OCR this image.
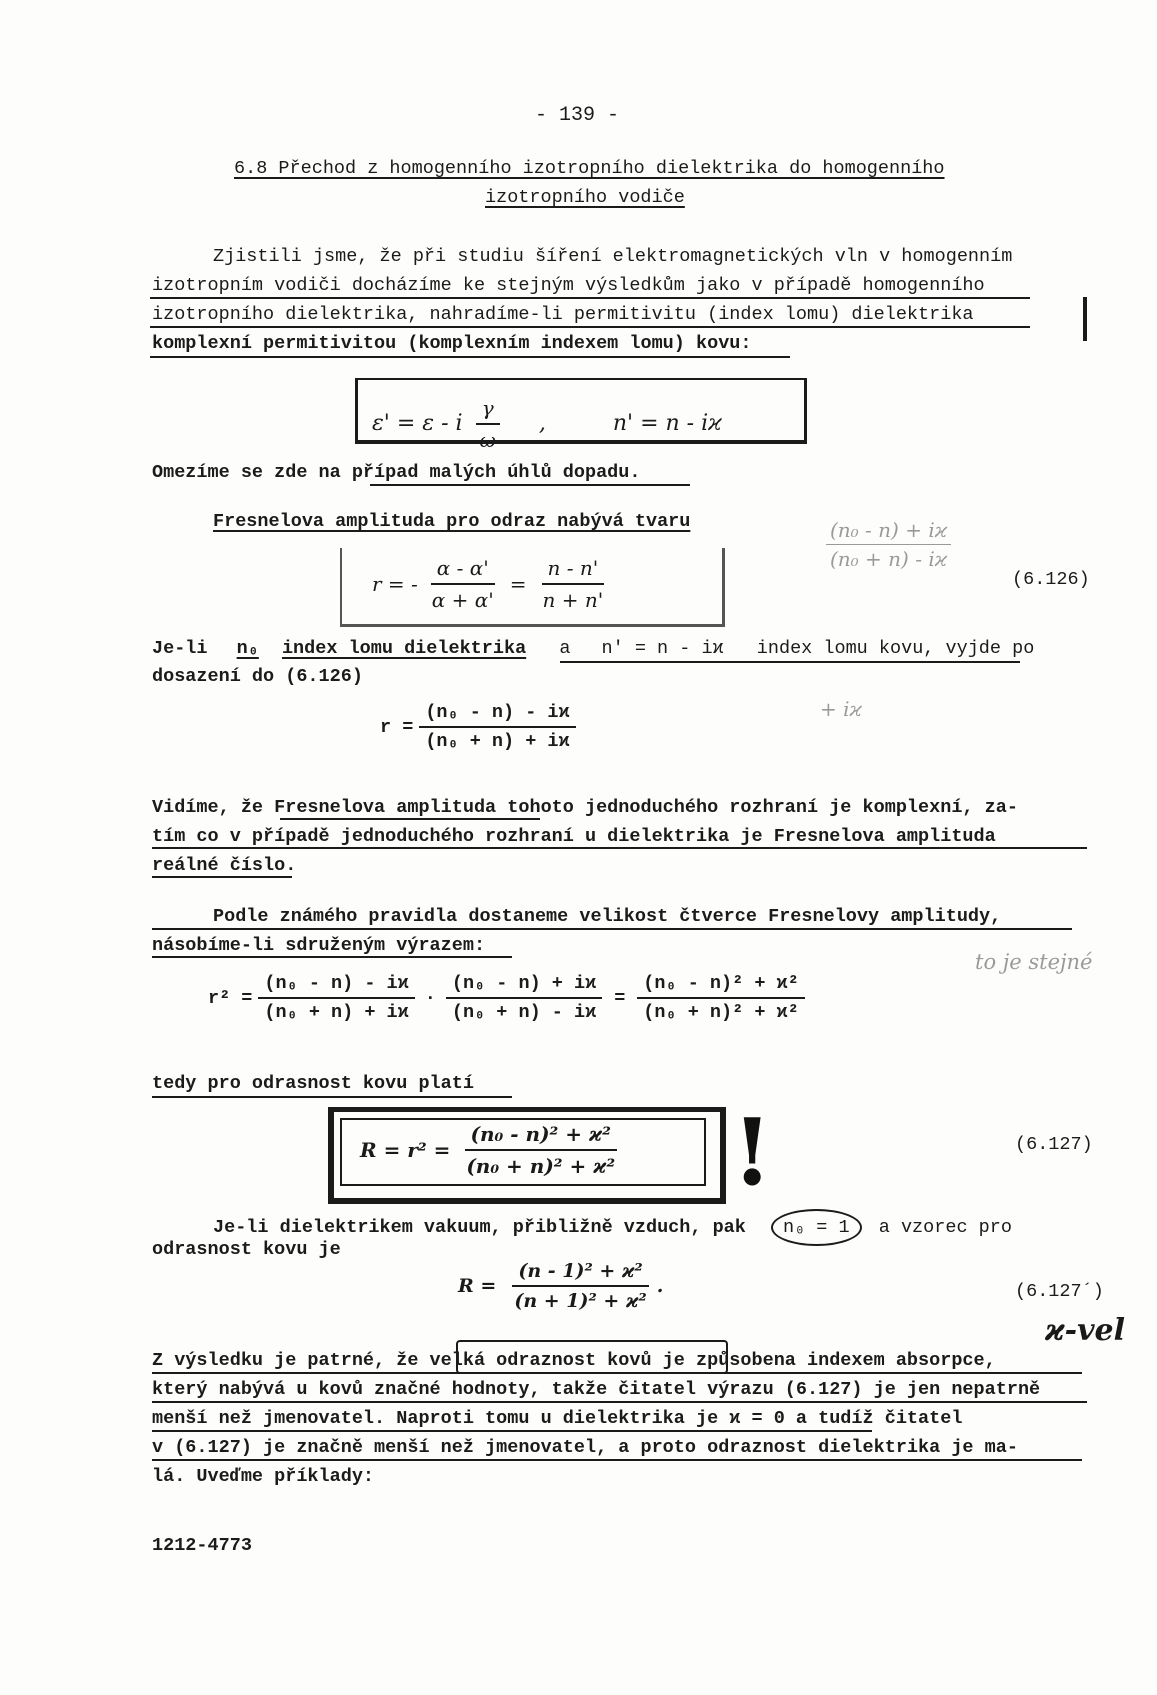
- 139 -
6.8 Přechod z homogenního izotropního dielektrika do homogenního
izotropního vodiče
Zjistili jsme, že při studiu šíření elektromagnetických vln v homogenním
izotropním vodiči docházíme ke stejným výsledkům jako v případě homogenního
izotropního dielektrika, nahradíme-li permitivitu (index lomu) dielektrika
komplexní permitivitou (komplexním indexem lomu) kovu:
ε' = ε - i $\frac{\gamma}{\omega}$ ,	n' = n - iϰ
Omezíme se zde na případ malých úhlů dopadu.
Fresnelova amplituda pro odraz nabývá tvaru
r = - $\frac{\alpha - \alpha'}{\alpha + \alpha'} = \frac{n - n'}{n + n'}$	(6.126)
$\frac{\text{(n₀ - n) + iϰ}}{\text{(n₀ + n) - iϰ}}$
Je-li n₀ index lomu dielektrika a n' = n - iϰ index lomu kovu, vyjde po
dosazení do (6.126)
$r = \frac{\text{(n₀ - n) - iϰ}}{\text{(n₀ + n) + iϰ}}$	+ iϰ
Vidíme, že Fresnelova amplituda tohoto jednoduchého rozhraní je komplexní, za-
tím co v případě jednoduchého rozhraní u dielektrika je Fresnelova amplituda
reálné číslo.
Podle známého pravidla dostaneme velikost čtverce Fresnelovy amplitudy,
násobíme-li sdruženým výrazem:
$r^2 = \frac{\text{(n₀ - n) - iϰ}}{\text{(n₀ + n) + iϰ}} \cdot \frac{\text{(n₀ - n) + iϰ}}{\text{(n₀ + n) - iϰ}} = \frac{\text{(n₀ - n)² + ϰ²}}{\text{(n₀ + n)² + ϰ²}}$
to je stejné
tedy pro odrasnost kovu platí
$R = r^2 = \frac{\text{(n₀ - n)² + ϰ²}}{\text{(n₀ + n)² + ϰ²}}$ !	(6.127)
Je-li dielektrikem vakuum, přibližně vzduch, pak n₀ = 1 a vzorec pro
odrasnost kovu je
$R = \frac{\text{(n - 1)² + ϰ²}}{\text{(n + 1)² + ϰ²}}$ .	(6.127´)
ϰ-vel
Z výsledku je patrné, že velká odraznost kovů je způsobena indexem absorpce,
který nabývá u kovů značné hodnoty, takže čitatel výrazu (6.127) je jen nepatrně
menší než jmenovatel. Naproti tomu u dielektrika je ϰ = 0 a tudíž čitatel
v (6.127) je značně menší než jmenovatel, a proto odraznost dielektrika je ma-
lá. Uveďme příklady:
1212-4773
